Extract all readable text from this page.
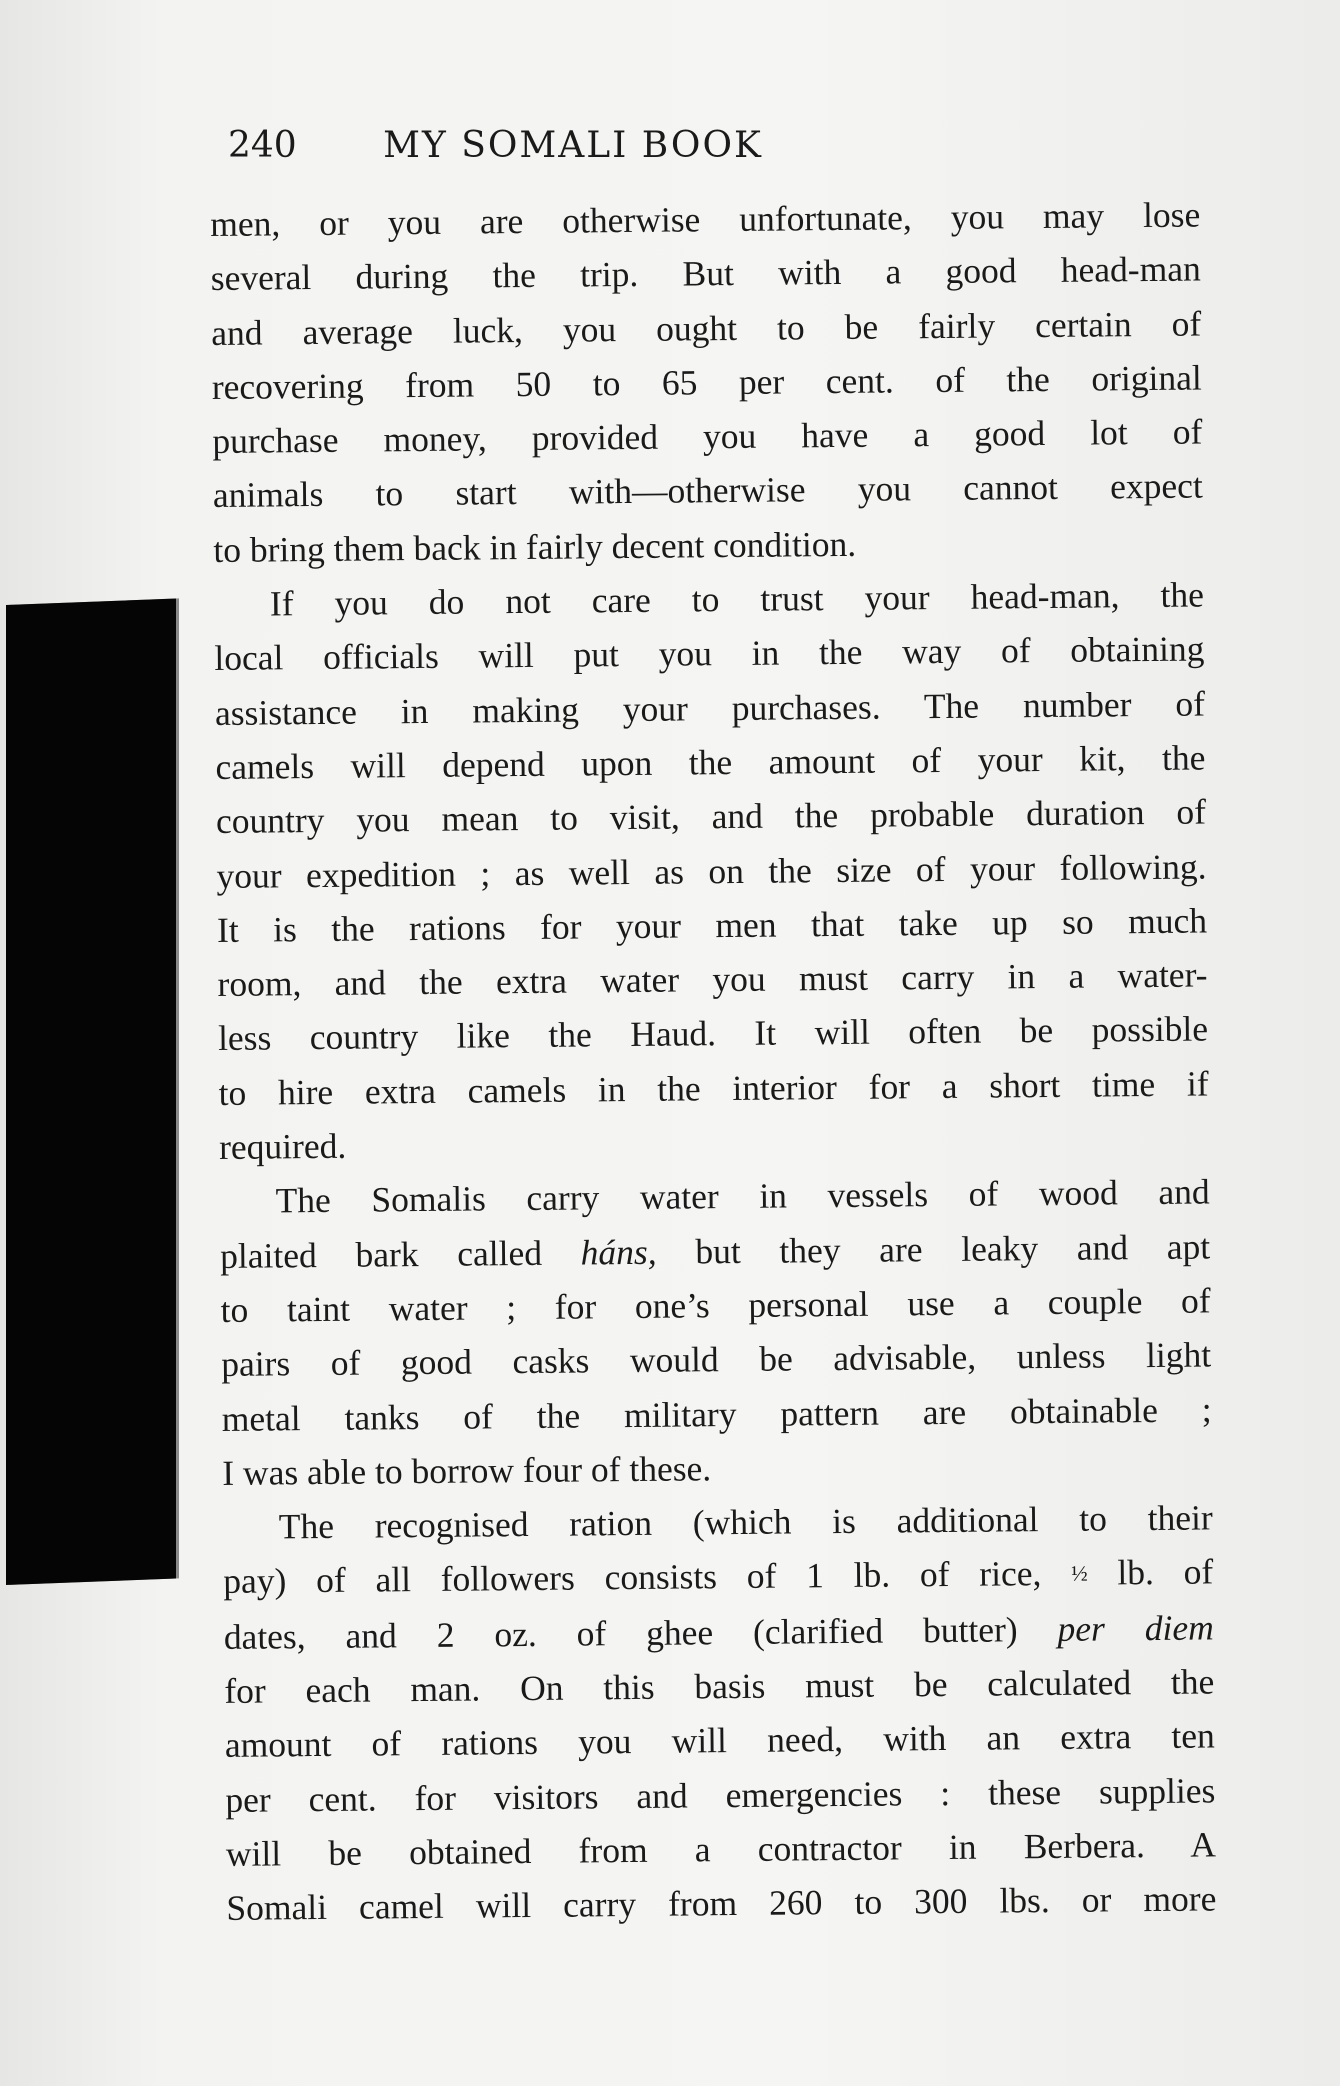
240	MY SOMALI BOOK
men, or you are otherwise unfortunate, you may lose
several during the trip. But with a good head-man
and average luck, you ought to be fairly certain of
recovering from 50 to 65 per cent. of the original
purchase money, provided you have a good lot of
animals to start with—otherwise you cannot expect
to bring them back in fairly decent condition.
If you do not care to trust your head-man, the
local officials will put you in the way of obtaining
assistance in making your purchases. The number of
camels will depend upon the amount of your kit, the
country you mean to visit, and the probable duration of
your expedition ; as well as on the size of your following.
It is the rations for your men that take up so much
room, and the extra water you must carry in a water-
less country like the Haud. It will often be possible
to hire extra camels in the interior for a short time if
required.
The Somalis carry water in vessels of wood and
plaited bark called háns, but they are leaky and apt
to taint water ; for one’s personal use a couple of
pairs of good casks would be advisable, unless light
metal tanks of the military pattern are obtainable ;
I was able to borrow four of these.
The recognised ration (which is additional to their
pay) of all followers consists of 1 lb. of rice, ½ lb. of
dates, and 2 oz. of ghee (clarified butter) per diem
for each man. On this basis must be calculated the
amount of rations you will need, with an extra ten
per cent. for visitors and emergencies : these supplies
will be obtained from a contractor in Berbera. A
Somali camel will carry from 260 to 300 lbs. or more
